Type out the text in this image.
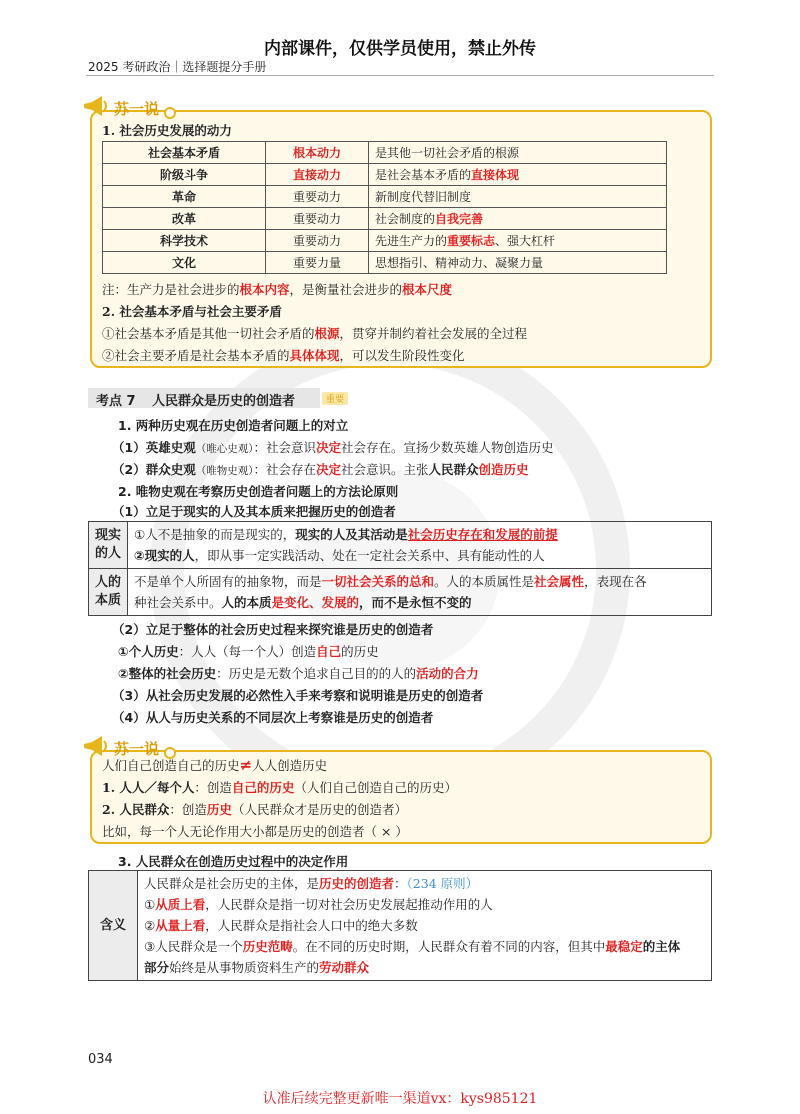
内部课件，仅供学员使用，禁止外传
2025 考研政治｜选择题提分手册
苏一说
1. 社会历史发展的动力
社会基本矛盾	根本动力	是其他一切社会矛盾的根源
阶级斗争	直接动力	是社会基本矛盾的直接体现
革命	重要动力	新制度代替旧制度
改革	重要动力	社会制度的自我完善
科学技术	重要动力	先进生产力的重要标志、强大杠杆
文化	重要力量	思想指引、精神动力、凝聚力量
注：生产力是社会进步的根本内容，是衡量社会进步的根本尺度
2. 社会基本矛盾与社会主要矛盾
①社会基本矛盾是其他一切社会矛盾的根源，贯穿并制约着社会发展的全过程
②社会主要矛盾是社会基本矛盾的具体体现，可以发生阶段性变化
考点 7 人民群众是历史的创造者	重要
1. 两种历史观在历史创造者问题上的对立
（1）英雄史观（唯心史观）：社会意识决定社会存在。宣扬少数英雄人物创造历史
（2）群众史观（唯物史观）：社会存在决定社会意识。主张人民群众创造历史
2. 唯物史观在考察历史创造者问题上的方法论原则
（1）立足于现实的人及其本质来把握历史的创造者
现实的人	①人不是抽象的而是现实的，现实的人及其活动是社会历史存在和发展的前提
②现实的人，即从事一定实践活动、处在一定社会关系中、具有能动性的人

人的本质	不是单个人所固有的抽象物，而是一切社会关系的总和。人的本质属性是社会属性，表现在各
种社会关系中。人的本质是变化、发展的，而不是永恒不变的
（2）立足于整体的社会历史过程来探究谁是历史的创造者
①个人历史：人人（每一个人）创造自己的历史
②整体的社会历史：历史是无数个追求自己目的的人的活动的合力
（3）从社会历史发展的必然性入手来考察和说明谁是历史的创造者
（4）从人与历史关系的不同层次上考察谁是历史的创造者
苏一说
人们自己创造自己的历史≠人人创造历史
1. 人人／每个人：创造自己的历史（人们自己创造自己的历史）
2. 人民群众：创造历史（人民群众才是历史的创造者）
比如，每一个人无论作用大小都是历史的创造者（ × ）
3. 人民群众在创造历史过程中的决定作用
含义	
人民群众是社会历史的主体，是历史的创造者：（234 原则）
①从质上看，人民群众是指一切对社会历史发展起推动作用的人
②从量上看，人民群众是指社会人口中的绝大多数
③人民群众是一个历史范畴。在不同的历史时期，人民群众有着不同的内容，但其中最稳定的主体
部分始终是从事物质资料生产的劳动群众
034
认准后续完整更新唯一渠道vx：kys985121
